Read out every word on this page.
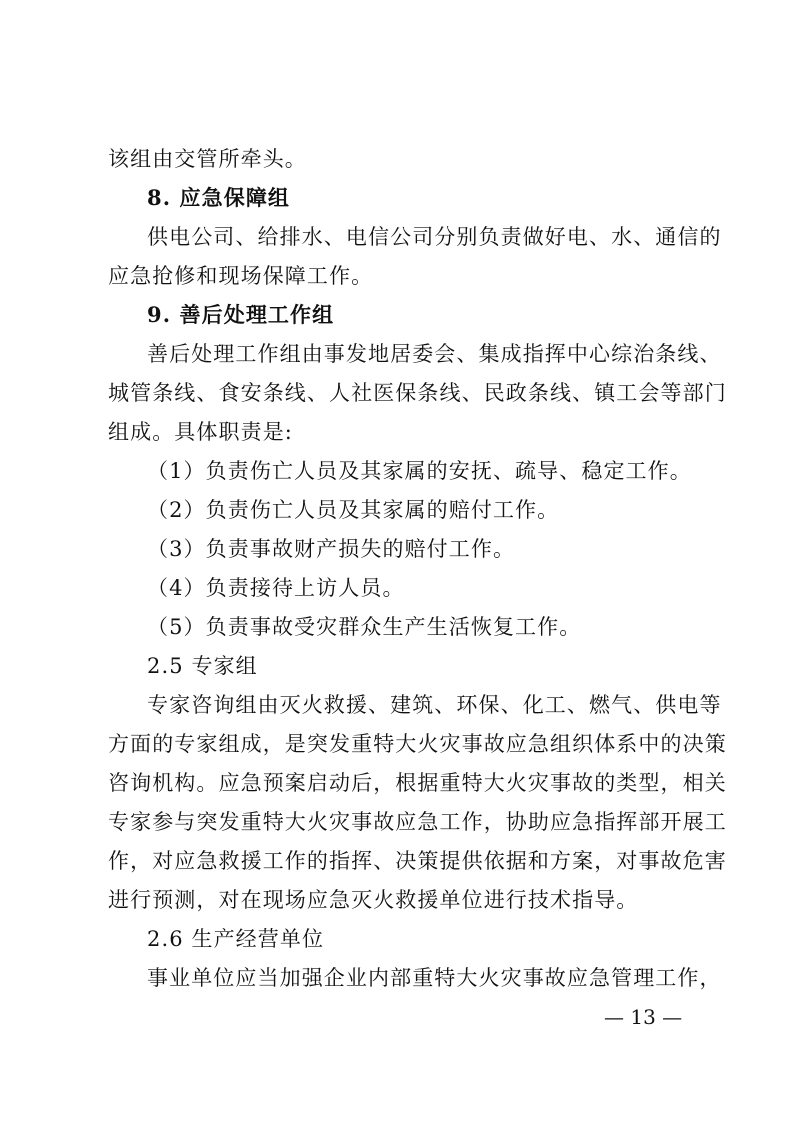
该组由交管所牵头。
8. 应急保障组
供电公司、给排水、电信公司分别负责做好电、水、通信的
应急抢修和现场保障工作。
9. 善后处理工作组
善后处理工作组由事发地居委会、集成指挥中心综治条线、
城管条线、食安条线、人社医保条线、民政条线、镇工会等部门
组成。具体职责是:
（1）负责伤亡人员及其家属的安抚、疏导、稳定工作。
（2）负责伤亡人员及其家属的赔付工作。
（3）负责事故财产损失的赔付工作。
（4）负责接待上访人员。
（5）负责事故受灾群众生产生活恢复工作。
2.5 专家组
专家咨询组由灭火救援、建筑、环保、化工、燃气、供电等
方面的专家组成，是突发重特大火灾事故应急组织体系中的决策
咨询机构。应急预案启动后，根据重特大火灾事故的类型，相关
专家参与突发重特大火灾事故应急工作，协助应急指挥部开展工
作，对应急救援工作的指挥、决策提供依据和方案，对事故危害
进行预测，对在现场应急灭火救援单位进行技术指导。
2.6 生产经营单位
事业单位应当加强企业内部重特大火灾事故应急管理工作，
— 13 —
